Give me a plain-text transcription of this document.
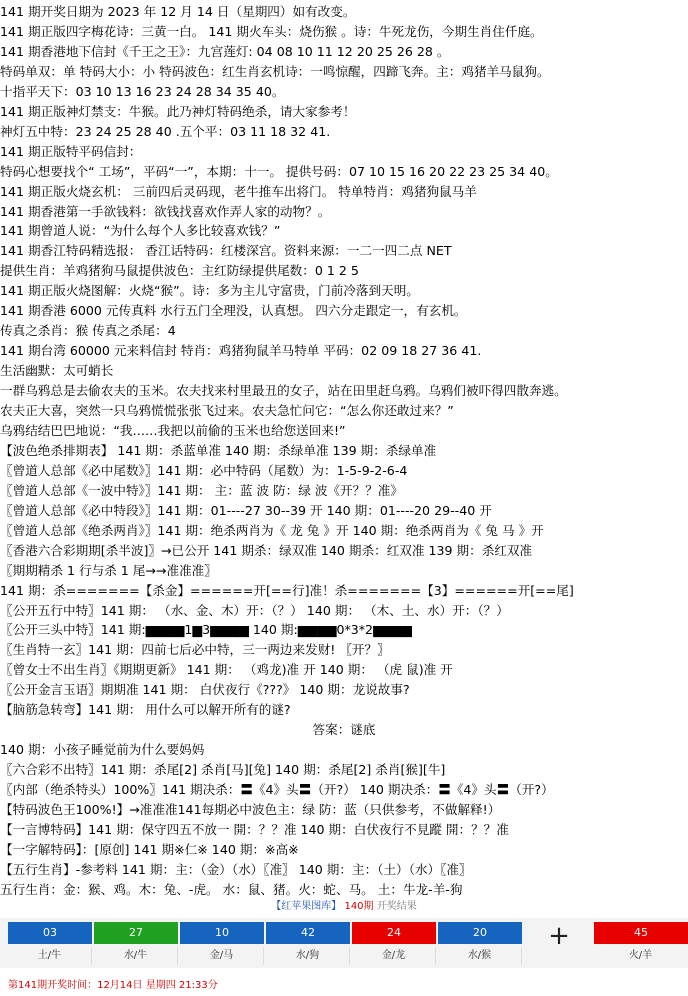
141 期开奖日期为 2023 年 12 月 14 日（星期四）如有改变。
141 期正版四字梅花诗：三黄一白。 141 期火车头：烧伤猴 。诗：牛死龙伤，今期生肖住仟庭。
141 期香港地下信封《千王之王》：九宫莲灯: 04 08 10 11 12 20 25 26 28 。
特码单双：单 特码大小：小 特码波色：红生肖玄机诗：一鸣惊醒，四蹄飞奔。主：鸡猪羊马鼠狗。
十指平天下：03 10 13 16 23 24 28 34 35 40。
141 期正版神灯禁支：牛猴。此乃神灯特码绝杀，请大家参考！
神灯五中特：23 24 25 28 40 .五个平：03 11 18 32 41.
141 期正版特平码信封：
特码心想要找个“ 工场”，平码“一”，本期：十一。 提供号码：07 10 15 16 20 22 23 25 34 40。
141 期正版火烧玄机： 三前四后灵码现，老牛推车出将门。 特单特肖：鸡猪狗鼠马羊
141 期香港第一手欲钱料：欲钱找喜欢作弄人家的动物？。
141 期曾道人说：“为什么每个人多比较喜欢钱？”
141 期香江特码精选报： 香江话特码：红楼深宫。资料来源：一二一四二点 NET
提供生肖：羊鸡猪狗马鼠提供波色：主红防绿提供尾数：0 1 2 5
141 期正版火烧图解：火烧“猴”。诗：多为主儿守富贵，门前冷落到天明。
141 期香港 6000 元传真料 水行五门全理没，认真想。 四六分走跟定一，有玄机。
传真之杀肖：猴 传真之杀尾：4
141 期台湾 60000 元来料信封 特肖：鸡猪狗鼠羊马特单 平码：02 09 18 27 36 41.
生活幽默：太可蛸长
一群乌鸦总是去偷农夫的玉米。农夫找来村里最丑的女子，站在田里赶乌鸦。乌鸦们被吓得四散奔逃。
农夫正大喜，突然一只乌鸦慌慌张张飞过来。农夫急忙问它：“怎么你还敢过来？”
乌鸦结结巴巴地说：“我……我把以前偷的玉米也给您送回来!”
【波色绝杀排期表】 141 期：杀蓝单准 140 期：杀绿单准 139 期：杀绿单准
〖曾道人总部《必中尾数》〗141 期：必中特码（尾数）为：1-5-9-2-6-4
〖曾道人总部《一波中特》〗141 期： 主：蓝 波 防：绿 波《开？？准》
〖曾道人总部《必中特段》〗141 期：01----27 30--39 开 140 期：01----20 29--40 开
〖曾道人总部《绝杀两肖》〗141 期：绝杀两肖为《 龙 兔 》开 140 期：绝杀两肖为《 兔 马 》开
〖香港六合彩期期[杀半波]〗→已公开 141 期杀：绿双准 140 期杀：红双准 139 期：杀红双准
〖期期精杀 1 行与杀 1 尾→→准准准〗
141 期：杀=======【杀金】======开[==行]准！杀=======【3】======开[==尾]
〖公开五行中特〗141 期： （水、金、木）开：（？） 140 期： （木、土、水）开：（？）
〖公开三头中特〗141 期:▆▆▆▆1▆3▆▆▆▆ 140 期:▆▆▆▆0*3*2▆▆▆▆
〖生肖特一玄〗141 期：四前七后必中特，三一两边来发财! 〖开？〗
〖曾女士不出生肖〗《期期更新》 141 期： （鸡龙)准 开 140 期： （虎 鼠)准 开
〖公开金言玉语〗期期准 141 期： 白伏夜行《???》 140 期：龙说故事?
【脑筋急转弯】141 期： 用什么可以解开所有的谜?
答案：谜底
140 期：小孩子睡觉前为什么要妈妈
〖六合彩不出特〗141 期：杀尾[2] 杀肖[马][兔] 140 期：杀尾[2] 杀肖[猴][牛]
〖内部（绝杀特头）100%〗141 期决杀：〓《4》头〓（开?） 140 期决杀：〓《4》头〓（开?）
【特码波色王100%!】→准准准141每期必中波色主：绿 防：蓝（只供参考，不做解释!）
【一言博特码】141 期：保守四五不放一 開：？？准 140 期：白伏夜行不見蹤 開：？？准
【一字解特码】：[原创] 141 期※仁※ 140 期：※高※
【五行生肖】-参考料 141 期：主：（金）（水）〖准〗 140 期：主：（土）（水）〖准〗
五行生肖：金：猴、鸡。木：兔、-虎。 水：鼠、猪。火：蛇、马。 土：牛龙-羊-狗
【红苹果图库】 140期 开奖结果
03
土/牛
27
水/牛
10
金/马
42
水/狗
24
金/龙
20
水/猴
45
火/羊
+
第141期开奖时间：12月14日 星期四 21:33分
